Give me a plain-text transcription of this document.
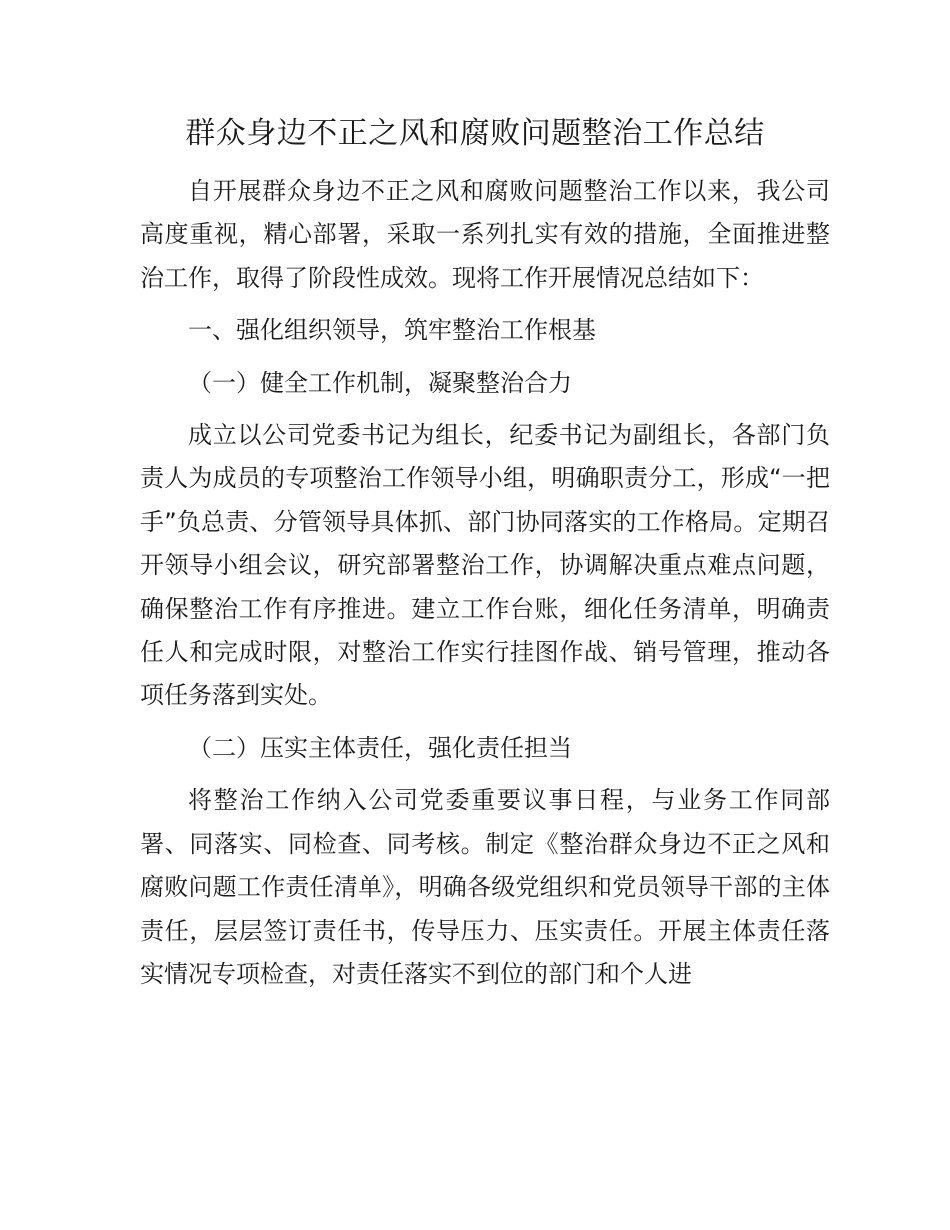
群众身边不正之风和腐败问题整治工作总结

自开展群众身边不正之风和腐败问题整治工作以来，我公司高度重视，精心部署，采取一系列扎实有效的措施，全面推进整治工作，取得了阶段性成效。现将工作开展情况总结如下：

一、强化组织领导，筑牢整治工作根基

（一）健全工作机制，凝聚整治合力

成立以公司党委书记为组长，纪委书记为副组长，各部门负责人为成员的专项整治工作领导小组，明确职责分工，形成“一把手”负总责、分管领导具体抓、部门协同落实的工作格局。定期召开领导小组会议，研究部署整治工作，协调解决重点难点问题，确保整治工作有序推进。建立工作台账，细化任务清单，明确责任人和完成时限，对整治工作实行挂图作战、销号管理，推动各项任务落到实处。

（二）压实主体责任，强化责任担当

将整治工作纳入公司党委重要议事日程，与业务工作同部署、同落实、同检查、同考核。制定《整治群众身边不正之风和腐败问题工作责任清单》，明确各级党组织和党员领导干部的主体责任，层层签订责任书，传导压力、压实责任。开展主体责任落实情况专项检查，对责任落实不到位的部门和个人进
